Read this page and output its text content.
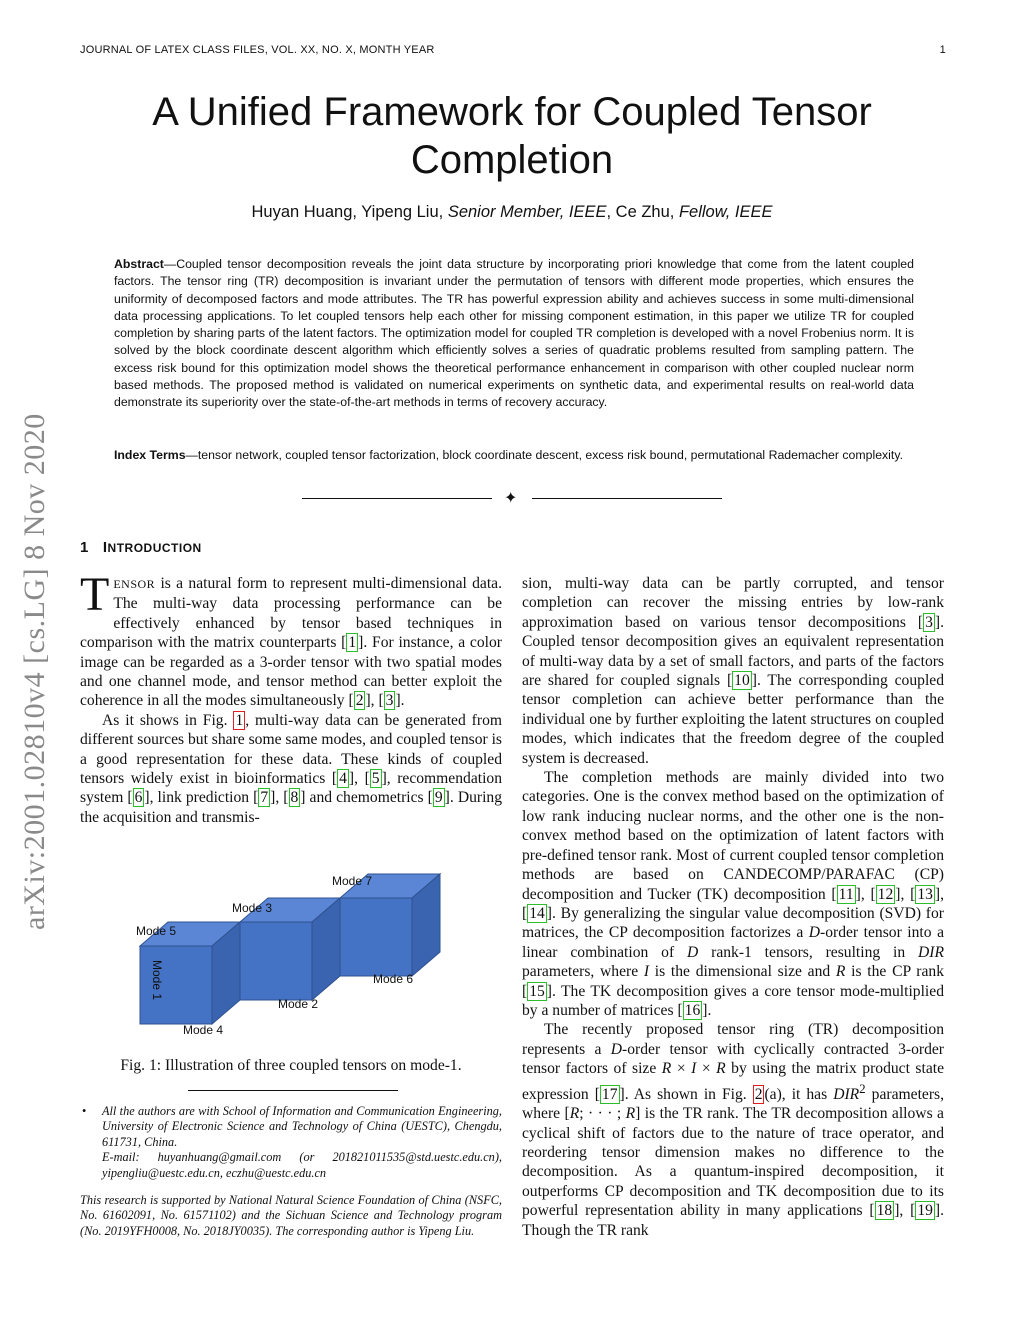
JOURNAL OF LATEX CLASS FILES, VOL. XX, NO. X, MONTH YEAR	1
arXiv:2001.02810v4 [cs.LG] 8 Nov 2020
A Unified Framework for Coupled Tensor Completion
Huyan Huang, Yipeng Liu, Senior Member, IEEE, Ce Zhu, Fellow, IEEE
Abstract—Coupled tensor decomposition reveals the joint data structure by incorporating priori knowledge that come from the latent coupled factors. The tensor ring (TR) decomposition is invariant under the permutation of tensors with different mode properties, which ensures the uniformity of decomposed factors and mode attributes. The TR has powerful expression ability and achieves success in some multi-dimensional data processing applications. To let coupled tensors help each other for missing component estimation, in this paper we utilize TR for coupled completion by sharing parts of the latent factors. The optimization model for coupled TR completion is developed with a novel Frobenius norm. It is solved by the block coordinate descent algorithm which efficiently solves a series of quadratic problems resulted from sampling pattern. The excess risk bound for this optimization model shows the theoretical performance enhancement in comparison with other coupled nuclear norm based methods. The proposed method is validated on numerical experiments on synthetic data, and experimental results on real-world data demonstrate its superiority over the state-of-the-art methods in terms of recovery accuracy.
Index Terms—tensor network, coupled tensor factorization, block coordinate descent, excess risk bound, permutational Rademacher complexity.
✦
1 INTRODUCTION

TENSOR is a natural form to represent multi-dimensional data. The multi-way data processing performance can be effectively enhanced by tensor based techniques in comparison with the matrix counterparts [ 1 ]. For instance, a color image can be regarded as a 3-order tensor with two spatial modes and one channel mode, and tensor method can better exploit the coherence in all the modes simultaneously [ 2 ], [ 3 ].

As it shows in Fig. 1 , multi-way data can be generated from different sources but share some same modes, and coupled tensor is a good representation for these data. These kinds of coupled tensors widely exist in bioinformatics [ 4 ], [ 5 ], recommendation system [ 6 ], link prediction [ 7 ], [ 8 ] and chemometrics [ 9 ]. During the acquisition and transmis-

sion, multi-way data can be partly corrupted, and tensor completion can recover the missing entries by low-rank approximation based on various tensor decompositions [ 3 ]. Coupled tensor decomposition gives an equivalent representation of multi-way data by a set of small factors, and parts of the factors are shared for coupled signals [ 10 ]. The corresponding coupled tensor completion can achieve better performance than the individual one by further exploiting the latent structures on coupled modes, which indicates that the freedom degree of the coupled system is decreased.

The completion methods are mainly divided into two categories. One is the convex method based on the optimization of low rank inducing nuclear norms, and the other one is the non-convex method based on the optimization of latent factors with pre-defined tensor rank. Most of current coupled tensor completion methods are based on CANDECOMP/PARAFAC (CP) decomposition and Tucker (TK) decomposition [ 11 ], [ 12 ], [ 13 ], [ 14 ]. By generalizing the singular value decomposition (SVD) for matrices, the CP decomposition factorizes a D-order tensor into a linear combination of D rank-1 tensors, resulting in DIR parameters, where I is the dimensional size and R is the CP rank [ 15 ]. The TK decomposition gives a core tensor mode-multiplied by a number of matrices [ 16 ].

The recently proposed tensor ring (TR) decomposition represents a D-order tensor with cyclically contracted 3-order tensor factors of size R × I × R by using the matrix product state expression [ 17 ]. As shown in Fig. 2 (a), it has DIR$^2$ parameters, where [R; · · · ; R] is the TR rank. The TR decomposition allows a cyclical shift of factors due to the nature of trace operator, and reordering tensor dimension makes no difference to the decomposition. As a quantum-inspired decomposition, it outperforms CP decomposition and TK decomposition due to its powerful representation ability in many applications [ 18 ], [ 19 ]. Though the TR rank

Mode 5
Mode 3
Mode 7
Mode 6
Mode 2
Mode 4
Mode 1
Fig. 1: Illustration of three coupled tensors on mode-1.
• All the authors are with School of Information and Communication Engineering, University of Electronic Science and Technology of China (UESTC), Chengdu, 611731, China.
E-mail: huyanhuang@gmail.com (or 201821011535@std.uestc.edu.cn), yipengliu@uestc.edu.cn, eczhu@uestc.edu.cn

This research is supported by National Natural Science Foundation of China (NSFC, No. 61602091, No. 61571102) and the Sichuan Science and Technology program (No. 2019YFH0008, No. 2018JY0035). The corresponding author is Yipeng Liu.
